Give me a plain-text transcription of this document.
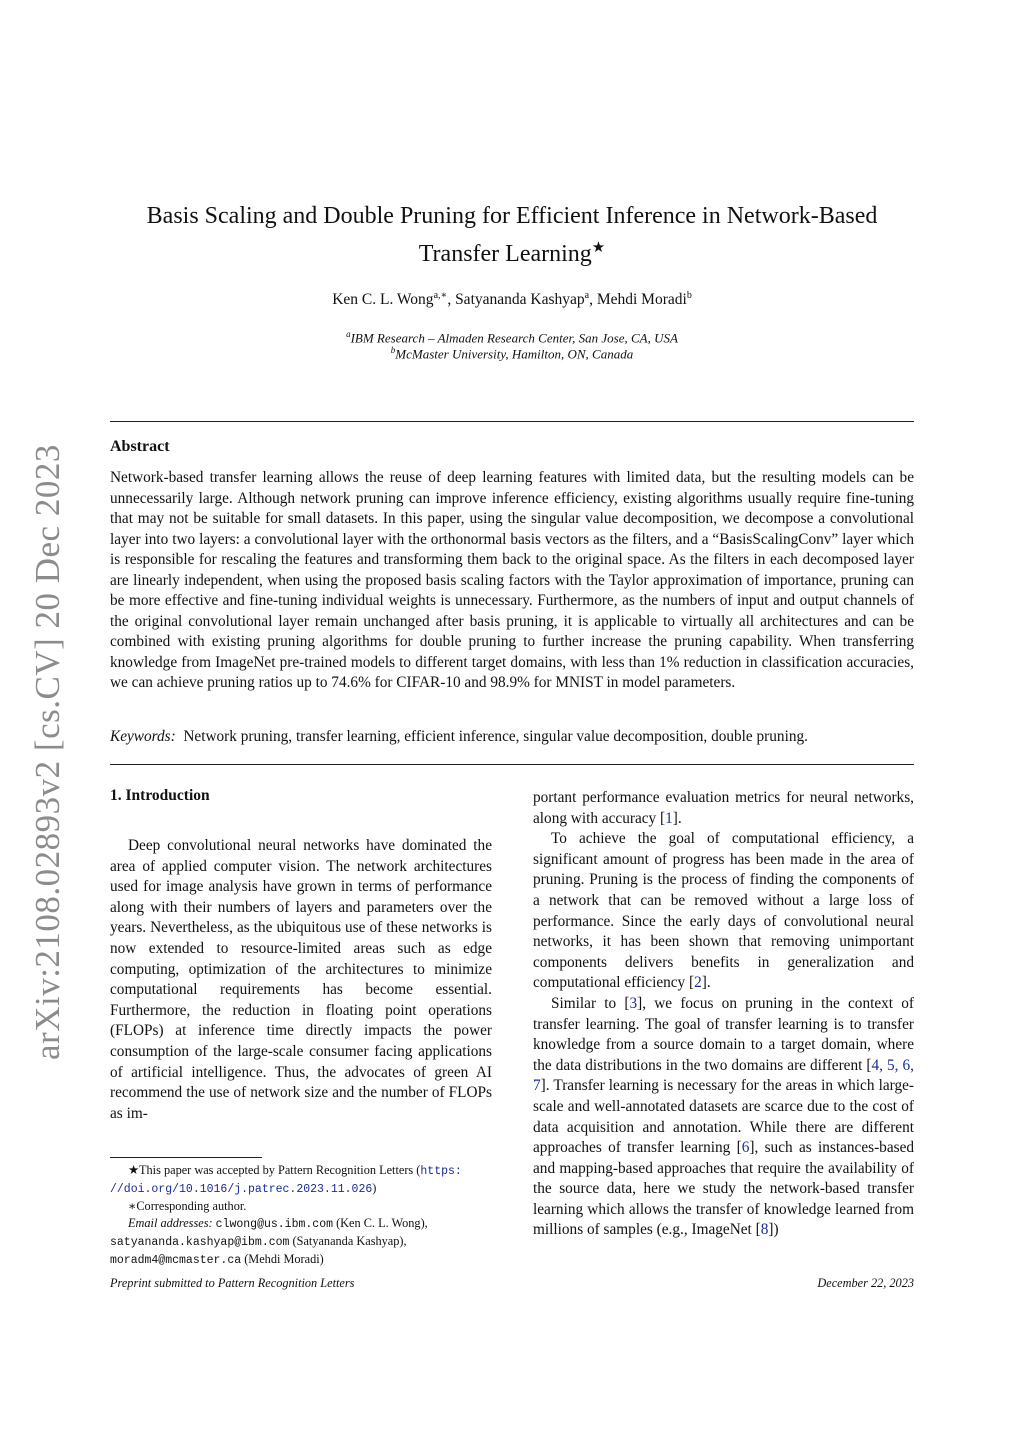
arXiv:2108.02893v2 [cs.CV] 20 Dec 2023
Basis Scaling and Double Pruning for Efficient Inference in Network-Based
Transfer Learning★
Ken C. L. Wong$^{a,∗}$, Satyananda Kashyap$^a$, Mehdi Moradi$^b$
$^a$IBM Research – Almaden Research Center, San Jose, CA, USA
$^b$McMaster University, Hamilton, ON, Canada
Abstract
Network-based transfer learning allows the reuse of deep learning features with limited data, but the resulting models can be unnecessarily large. Although network pruning can improve inference efficiency, existing algorithms usually require fine-tuning that may not be suitable for small datasets. In this paper, using the singular value decomposition, we decompose a convolutional layer into two layers: a convolutional layer with the orthonormal basis vectors as the filters, and a “BasisScalingConv” layer which is responsible for rescaling the features and transforming them back to the original space. As the filters in each decomposed layer are linearly independent, when using the proposed basis scaling factors with the Taylor approximation of importance, pruning can be more effective and fine-tuning individual weights is unnecessary. Furthermore, as the numbers of input and output channels of the original convolutional layer remain unchanged after basis pruning, it is applicable to virtually all architectures and can be combined with existing pruning algorithms for double pruning to further increase the pruning capability. When transferring knowledge from ImageNet pre-trained models to different target domains, with less than 1% reduction in classification accuracies, we can achieve pruning ratios up to 74.6% for CIFAR-10 and 98.9% for MNIST in model parameters.
Keywords: Network pruning, transfer learning, efficient inference, singular value decomposition, double pruning.
1. Introduction

Deep convolutional neural networks have dominated the area of applied computer vision. The network architectures used for image analysis have grown in terms of performance along with their numbers of layers and parameters over the years. Nevertheless, as the ubiquitous use of these networks is now extended to resource-limited areas such as edge computing, optimization of the architectures to minimize computational requirements has become essential. Furthermore, the reduction in floating point operations (FLOPs) at inference time directly impacts the power consumption of the large-scale consumer facing applications of artificial intelligence. Thus, the advocates of green AI recommend the use of network size and the number of FLOPs as im-

portant performance evaluation metrics for neural networks, along with accuracy [1].

To achieve the goal of computational efficiency, a significant amount of progress has been made in the area of pruning. Pruning is the process of finding the components of a network that can be removed without a large loss of performance. Since the early days of convolutional neural networks, it has been shown that removing unimportant components delivers benefits in generalization and computational efficiency [2].

Similar to [3], we focus on pruning in the context of transfer learning. The goal of transfer learning is to transfer knowledge from a source domain to a target domain, where the data distributions in the two domains are different [4, 5, 6, 7]. Transfer learning is necessary for the areas in which large-scale and well-annotated datasets are scarce due to the cost of data acquisition and annotation. While there are different approaches of transfer learning [6], such as instances-based and mapping-based approaches that require the availability of the source data, here we study the network-based transfer learning which allows the transfer of knowledge learned from millions of samples (e.g., ImageNet [8])

★This paper was accepted by Pattern Recognition Letters (https:
//doi.org/10.1016/j.patrec.2023.11.026)
∗Corresponding author.
Email addresses: clwong@us.ibm.com (Ken C. L. Wong),
satyananda.kashyap@ibm.com (Satyananda Kashyap),
moradm4@mcmaster.ca (Mehdi Moradi)
Preprint submitted to Pattern Recognition Letters	December 22, 2023
